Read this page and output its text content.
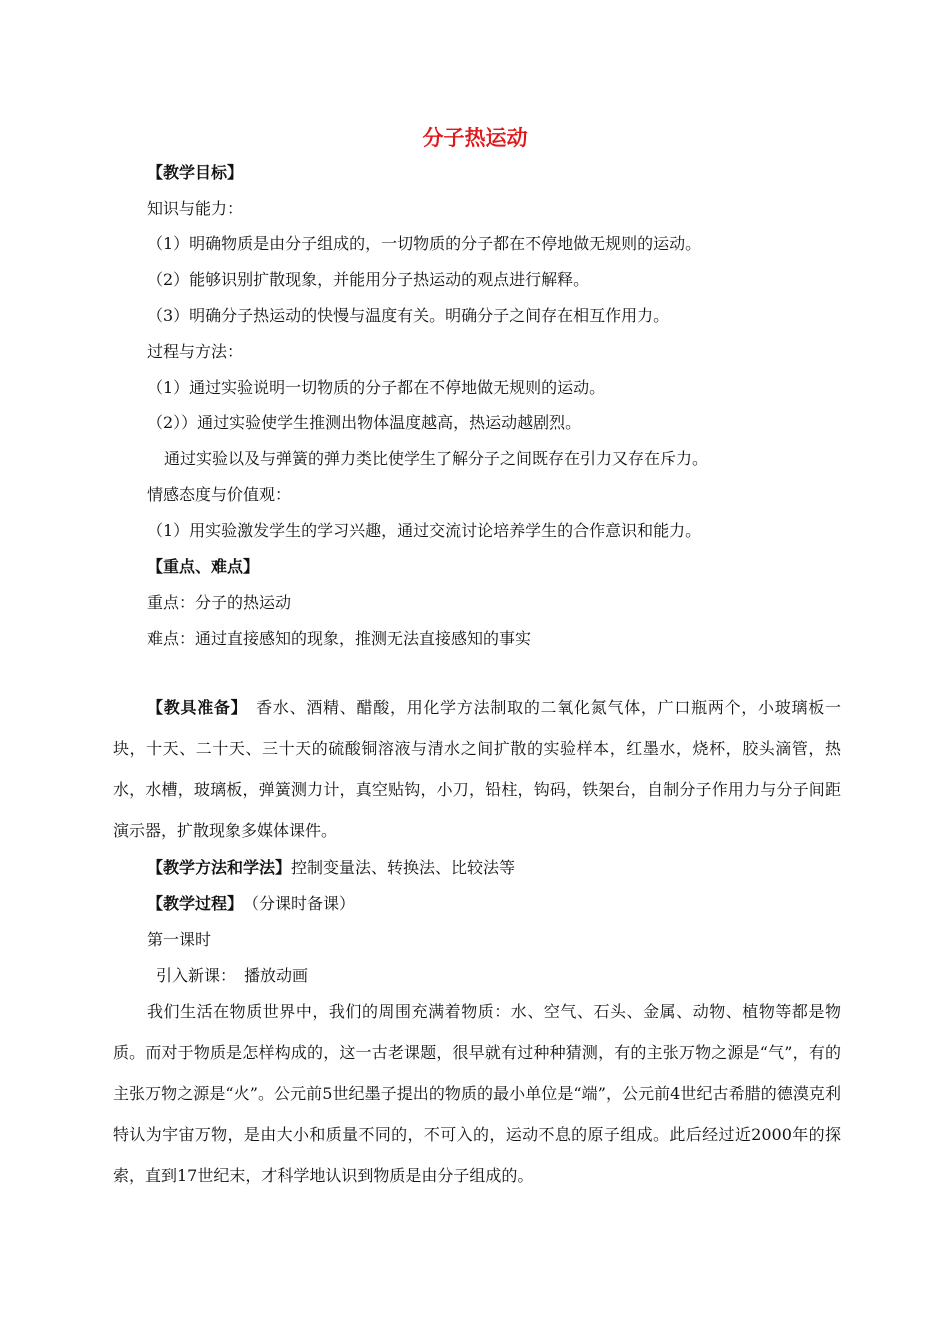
分子热运动
【教学目标】
知识与能力：
（1）明确物质是由分子组成的，一切物质的分子都在不停地做无规则的运动。
（2）能够识别扩散现象，并能用分子热运动的观点进行解释。
（3）明确分子热运动的快慢与温度有关。明确分子之间存在相互作用力。
过程与方法：
（1）通过实验说明一切物质的分子都在不停地做无规则的运动。
（2））通过实验使学生推测出物体温度越高，热运动越剧烈。
通过实验以及与弹簧的弹力类比使学生了解分子之间既存在引力又存在斥力。
情感态度与价值观：
（1）用实验激发学生的学习兴趣，通过交流讨论培养学生的合作意识和能力。
【重点、难点】
重点：分子的热运动
难点：通过直接感知的现象，推测无法直接感知的事实
【教具准备】　 香水、酒精、醋酸，用化学方法制取的二氧化氮气体，广口瓶两个，小玻璃板一块，十天、二十天、三十天的硫酸铜溶液与清水之间扩散的实验样本，红墨水，烧杯，胶头滴管，热水，水槽，玻璃板，弹簧测力计，真空贴钩，小刀，铅柱，钩码，铁架台，自制分子作用力与分子间距演示器，扩散现象多媒体课件。
【教学方法和学法】控制变量法、转换法、比较法等
【教学过程】　 （分课时备课）
第一课时
引入新课：　播放动画
我们生活在物质世界中，我们的周围充满着物质：水、空气、石头、金属、动物、植物等都是物质。而对于物质是怎样构成的，这一古老课题，很早就有过种种猜测，有的主张万物之源是“气”，有的主张万物之源是“火”。公元前5世纪墨子提出的物质的最小单位是“端”，公元前4世纪古希腊的德漠克利特认为宇宙万物，是由大小和质量不同的，不可入的，运动不息的原子组成。此后经过近2000年的探索，直到17世纪末，才科学地认识到物质是由分子组成的。
